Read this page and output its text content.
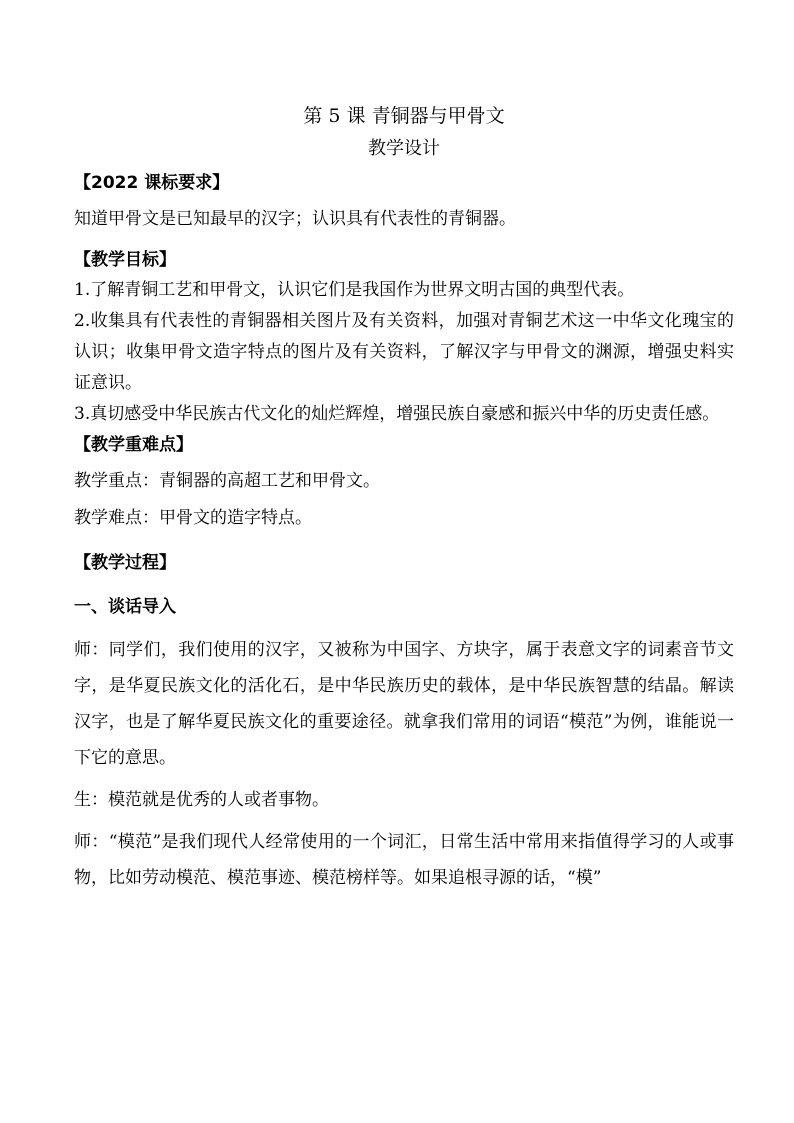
第 5 课 青铜器与甲骨文

教学设计

【2022 课标要求】

知道甲骨文是已知最早的汉字；认识具有代表性的青铜器。

【教学目标】

1.了解青铜工艺和甲骨文，认识它们是我国作为世界文明古国的典型代表。

2.收集具有代表性的青铜器相关图片及有关资料，加强对青铜艺术这一中华文化瑰宝的认识；收集甲骨文造字特点的图片及有关资料，了解汉字与甲骨文的渊源，增强史料实证意识。

3.真切感受中华民族古代文化的灿烂辉煌，增强民族自豪感和振兴中华的历史责任感。

【教学重难点】

教学重点：青铜器的高超工艺和甲骨文。

教学难点：甲骨文的造字特点。

【教学过程】

一、谈话导入

师：同学们，我们使用的汉字，又被称为中国字、方块字，属于表意文字的词素音节文字，是华夏民族文化的活化石，是中华民族历史的载体，是中华民族智慧的结晶。解读汉字，也是了解华夏民族文化的重要途径。就拿我们常用的词语“模范”为例，谁能说一下它的意思。

生：模范就是优秀的人或者事物。

师：“模范”是我们现代人经常使用的一个词汇，日常生活中常用来指值得学习的人或事物，比如劳动模范、模范事迹、模范榜样等。如果追根寻源的话，“模”
